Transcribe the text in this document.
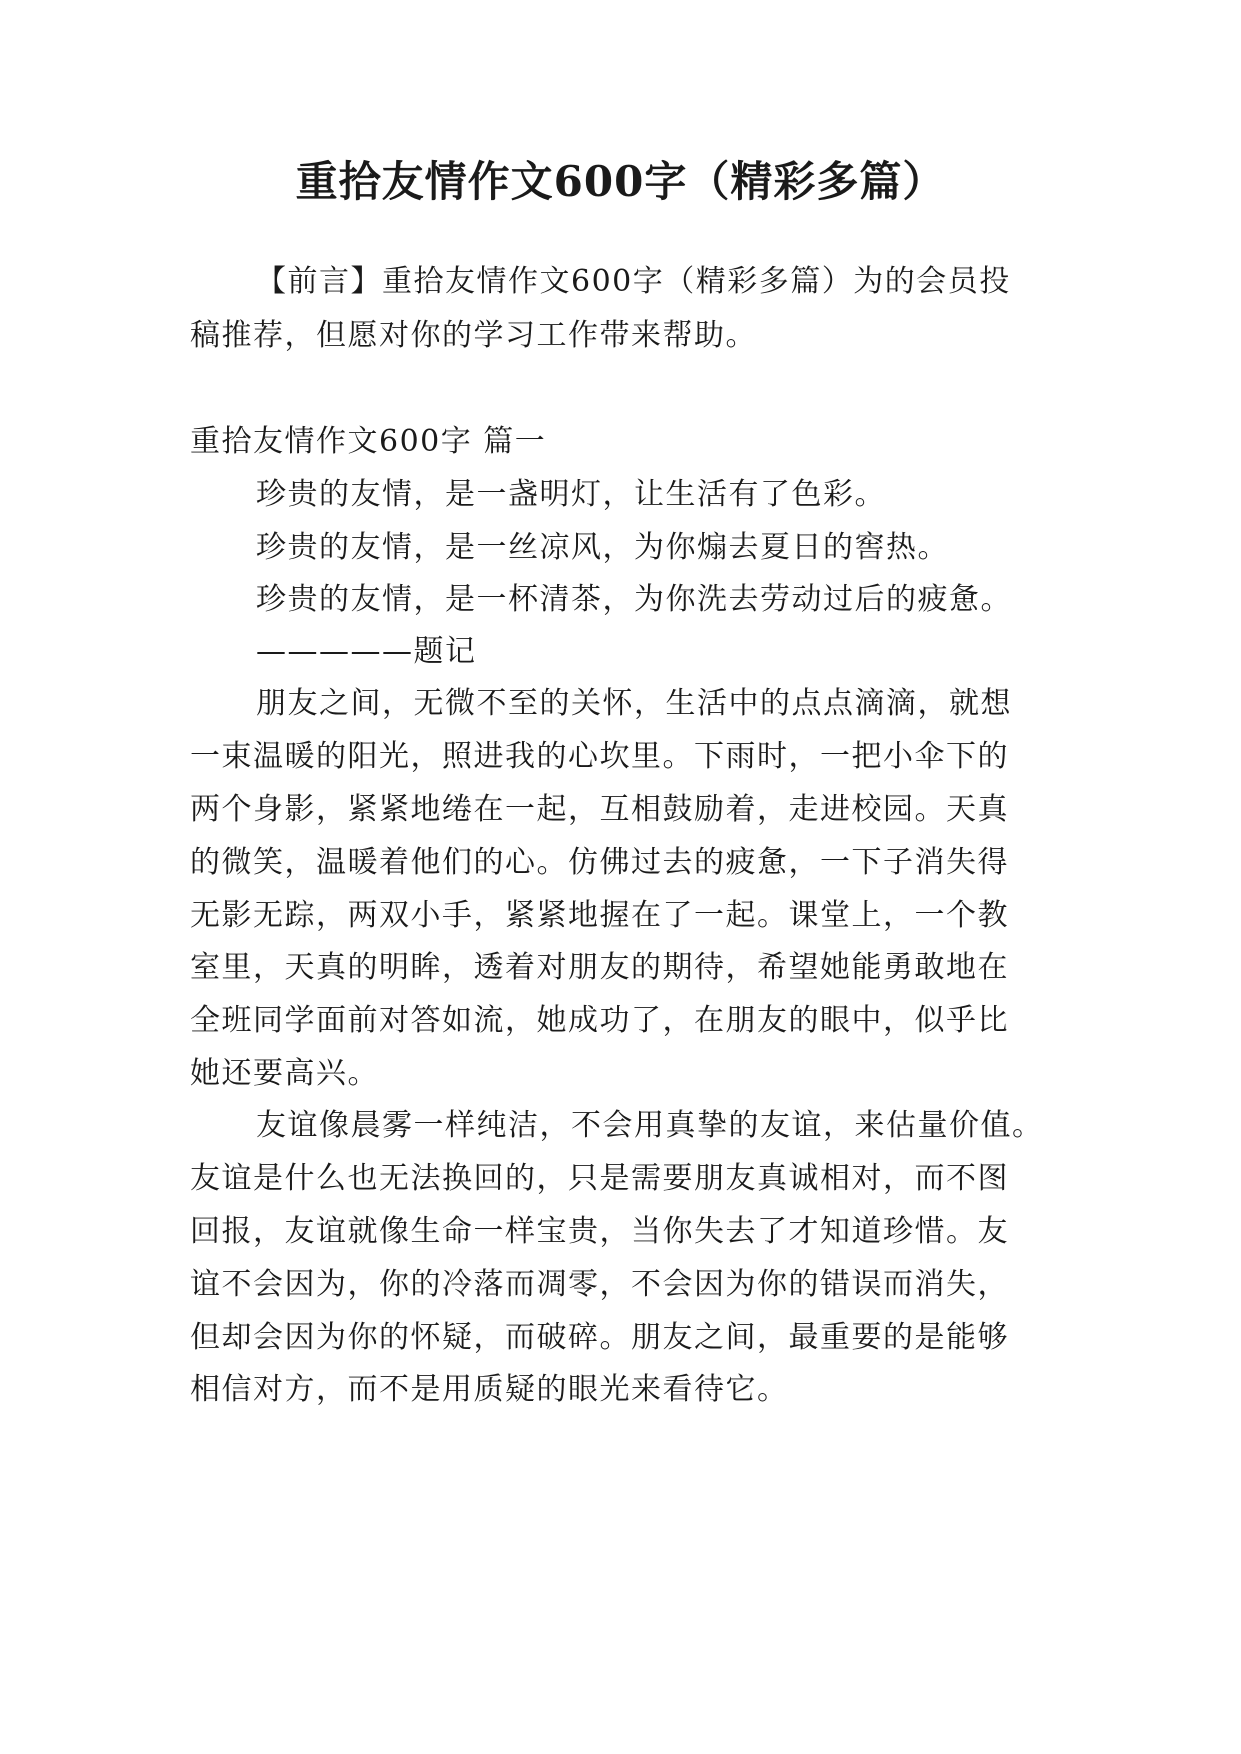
重拾友情作文600字（精彩多篇）

【前言】重拾友情作文600字（精彩多篇）为的会员投

稿推荐，但愿对你的学习工作带来帮助。

重拾友情作文600字 篇一

珍贵的友情，是一盏明灯，让生活有了色彩。

珍贵的友情，是一丝凉风，为你煽去夏日的窖热。

珍贵的友情，是一杯清茶，为你洗去劳动过后的疲惫。

—————题记

朋友之间，无微不至的关怀，生活中的点点滴滴，就想

一束温暖的阳光，照进我的心坎里。下雨时，一把小伞下的

两个身影，紧紧地绻在一起，互相鼓励着，走进校园。天真

的微笑，温暖着他们的心。仿佛过去的疲惫，一下子消失得

无影无踪，两双小手，紧紧地握在了一起。课堂上，一个教

室里，天真的明眸，透着对朋友的期待，希望她能勇敢地在

全班同学面前对答如流，她成功了，在朋友的眼中，似乎比

她还要高兴。

友谊像晨雾一样纯洁，不会用真挚的友谊，来估量价值。

友谊是什么也无法换回的，只是需要朋友真诚相对，而不图

回报，友谊就像生命一样宝贵，当你失去了才知道珍惜。友

谊不会因为，你的冷落而凋零，不会因为你的错误而消失，

但却会因为你的怀疑，而破碎。朋友之间，最重要的是能够

相信对方，而不是用质疑的眼光来看待它。
